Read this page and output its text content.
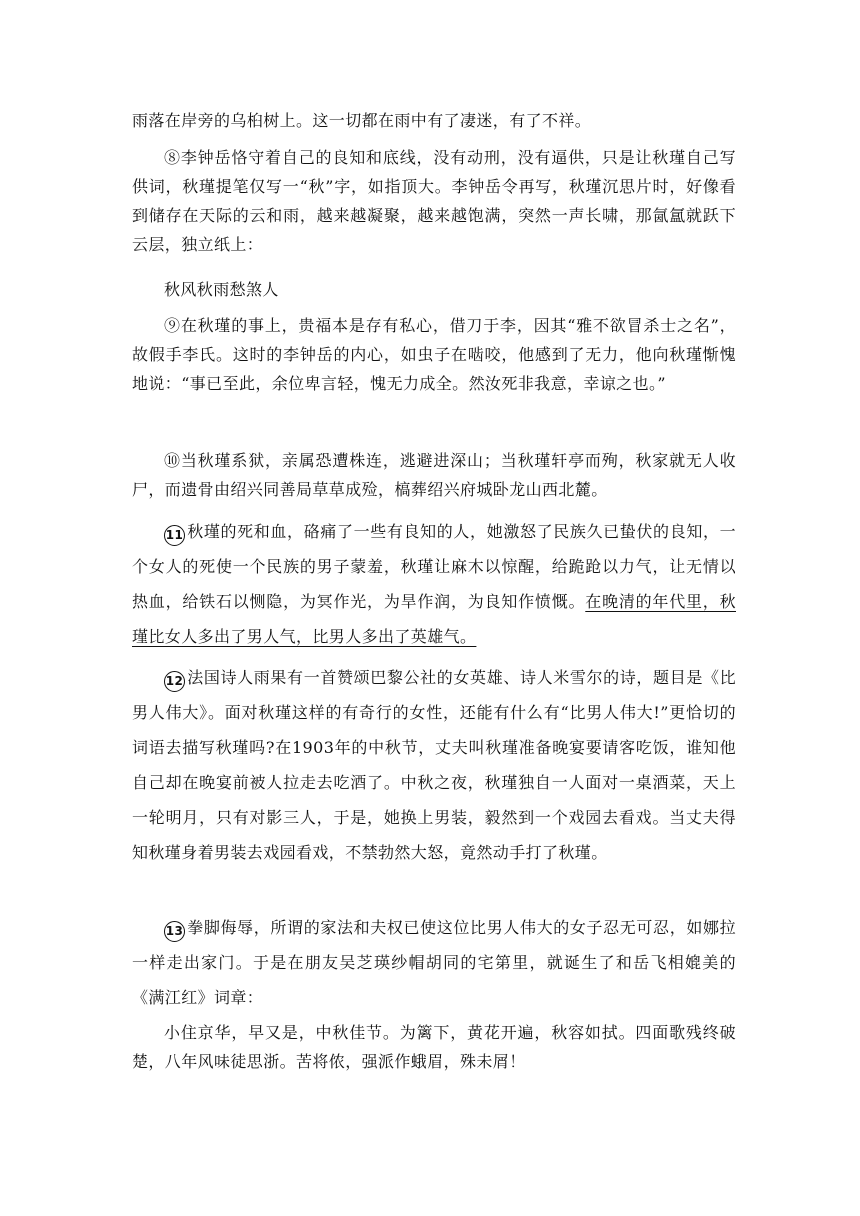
雨落在岸旁的乌桕树上。这一切都在雨中有了凄迷，有了不祥。

⑧李钟岳恪守着自己的良知和底线，没有动刑，没有逼供，只是让秋瑾自己写供词，秋瑾提笔仅写一“秋”字，如指顶大。李钟岳令再写，秋瑾沉思片时，好像看到储存在天际的云和雨，越来越凝聚，越来越饱满，突然一声长啸，那氤氲就跃下云层，独立纸上：

秋风秋雨愁煞人

⑨在秋瑾的事上，贵福本是存有私心，借刀于李，因其“雅不欲冒杀士之名”，故假手李氏。这时的李钟岳的内心，如虫子在啮咬，他感到了无力，他向秋瑾惭愧地说：“事已至此，余位卑言轻，愧无力成全。然汝死非我意，幸谅之也。”

⑩当秋瑾系狱，亲属恐遭株连，逃避进深山；当秋瑾轩亭而殉，秋家就无人收尸，而遗骨由绍兴同善局草草成殓，槁葬绍兴府城卧龙山西北麓。

11 秋瑾的死和血，硌痛了一些有良知的人，她激怒了民族久已蛰伏的良知，一个女人的死使一个民族的男子蒙羞，秋瑾让麻木以惊醒，给跪跄以力气，让无情以热血，给铁石以恻隐，为冥作光，为旱作润，为良知作愤慨。在晚清的年代里，秋瑾比女人多出了男人气，比男人多出了英雄气。

12 法国诗人雨果有一首赞颂巴黎公社的女英雄、诗人米雪尔的诗，题目是《比男人伟大》。面对秋瑾这样的有奇行的女性，还能有什么有“比男人伟大!”更恰切的词语去描写秋瑾吗?在1903年的中秋节，丈夫叫秋瑾准备晚宴要请客吃饭，谁知他自己却在晚宴前被人拉走去吃酒了。中秋之夜，秋瑾独自一人面对一桌酒菜，天上一轮明月，只有对影三人，于是，她换上男装，毅然到一个戏园去看戏。当丈夫得知秋瑾身着男装去戏园看戏，不禁勃然大怒，竟然动手打了秋瑾。

13 拳脚侮辱，所谓的家法和夫权已使这位比男人伟大的女子忍无可忍，如娜拉一样走出家门。于是在朋友吴芝瑛纱帽胡同的宅第里，就诞生了和岳飞相媲美的《满江红》词章：

小住京华，早又是，中秋佳节。为篱下，黄花开遍，秋容如拭。四面歌残终破楚，八年风味徒思浙。苦将侬，强派作蛾眉，殊未屑！
